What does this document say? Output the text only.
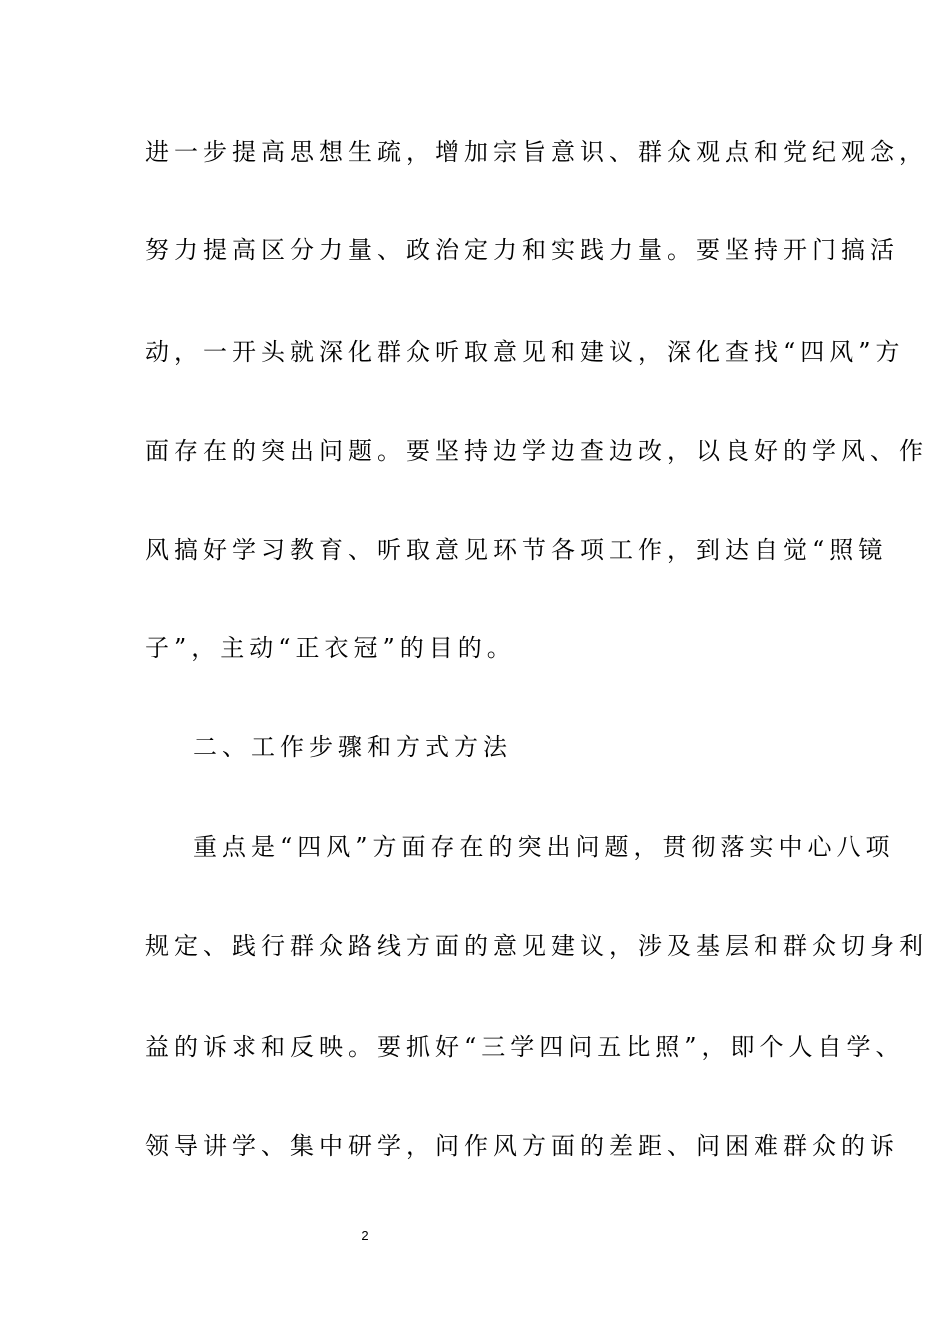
进一步提高思想生疏，增加宗旨意识、群众观点和党纪观念，
努力提高区分力量、政治定力和实践力量。要坚持开门搞活
动，一开头就深化群众听取意见和建议，深化查找“四风”方
面存在的突出问题。要坚持边学边查边改，以良好的学风、作
风搞好学习教育、听取意见环节各项工作，到达自觉“照镜
子”，主动“正衣冠”的目的。
二、工作步骤和方式方法
重点是“四风”方面存在的突出问题，贯彻落实中心八项
规定、践行群众路线方面的意见建议，涉及基层和群众切身利
益的诉求和反映。要抓好“三学四问五比照”，即个人自学、
领导讲学、集中研学，问作风方面的差距、问困难群众的诉
2
